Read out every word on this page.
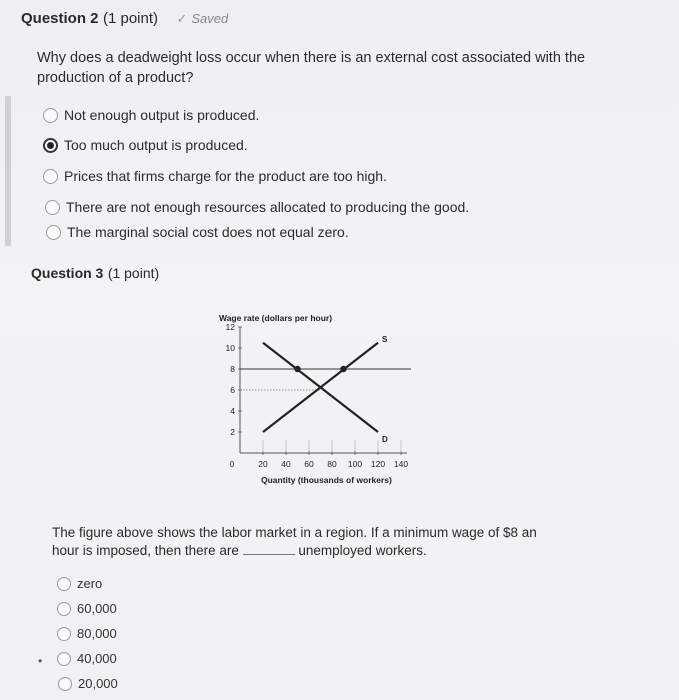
Question 2 (1 point) ✓ Saved
Why does a deadweight loss occur when there is an external cost associated with the production of a product?
Not enough output is produced.
Too much output is produced.
Prices that firms charge for the product are too high.
There are not enough resources allocated to producing the good.
The marginal social cost does not equal zero.
Question 3 (1 point)
Wage rate (dollars per hour)
12
10
8
6
4
2
0	20 40 60 80 100 120 140
S
D
Quantity (thousands of workers)
The figure above shows the labor market in a region. If a minimum wage of $8 an hour is imposed, then there are	unemployed workers.
zero
60,000
80,000
•	40,000
20,000
